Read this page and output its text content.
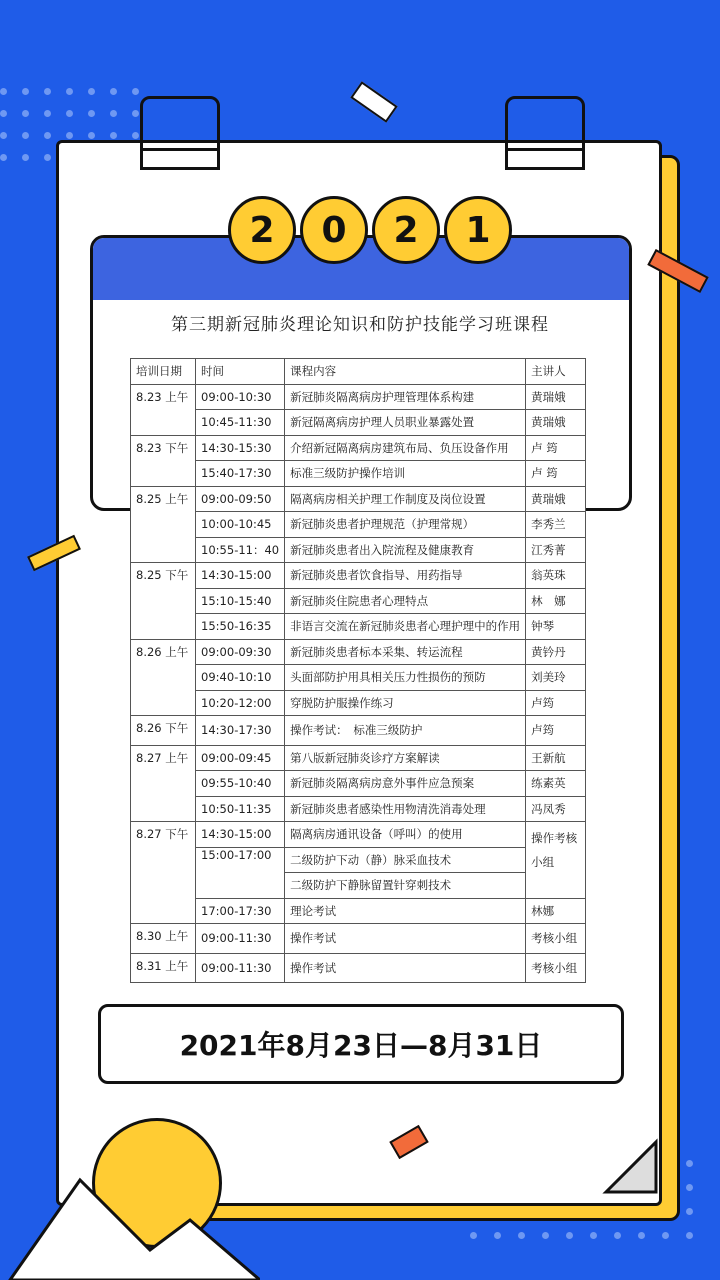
2	0	2	1
第三期新冠肺炎理论知识和防护技能学习班课程
培训日期	时间	课程内容	主讲人
8.23 上午	09:00-10:30	新冠肺炎隔离病房护理管理体系构建	黄瑞娥
	10:45-11:30	新冠隔离病房护理人员职业暴露处置	黄瑞娥
8.23 下午	14:30-15:30	介绍新冠隔离病房建筑布局、负压设备作用	卢 筠
	15:40-17:30	标准三级防护操作培训	卢 筠
8.25 上午	09:00-09:50	隔离病房相关护理工作制度及岗位设置	黄瑞娥
	10:00-10:45	新冠肺炎患者护理规范（护理常规）	李秀兰
	10:55-11：40	新冠肺炎患者出入院流程及健康教育	江秀菁
8.25 下午	14:30-15:00	新冠肺炎患者饮食指导、用药指导	翁英珠
	15:10-15:40	新冠肺炎住院患者心理特点	林　娜
	15:50-16:35	非语言交流在新冠肺炎患者心理护理中的作用	钟琴
8.26 上午	09:00-09:30	新冠肺炎患者标本采集、转运流程	黄钤丹
	09:40-10:10	头面部防护用具相关压力性损伤的预防	刘美玲
	10:20-12:00	穿脱防护服操作练习	卢筠
8.26 下午	14:30-17:30	操作考试：　标准三级防护	卢筠
8.27 上午	09:00-09:45	第八版新冠肺炎诊疗方案解读	王新航
	09:55-10:40	新冠肺炎隔离病房意外事件应急预案	练素英
	10:50-11:35	新冠肺炎患者感染性用物清洗消毒处理	冯凤秀
8.27 下午	14:30-15:00	隔离病房通讯设备（呼叫）的使用	操作考核小组
	15:00-17:00	二级防护下动（静）脉采血技术	
		二级防护下静脉留置针穿刺技术	
	17:00-17:30	理论考试	林娜
8.30 上午	09:00-11:30	操作考试	考核小组
8.31 上午	09:00-11:30	操作考试	考核小组
2021年8月23日—8月31日
